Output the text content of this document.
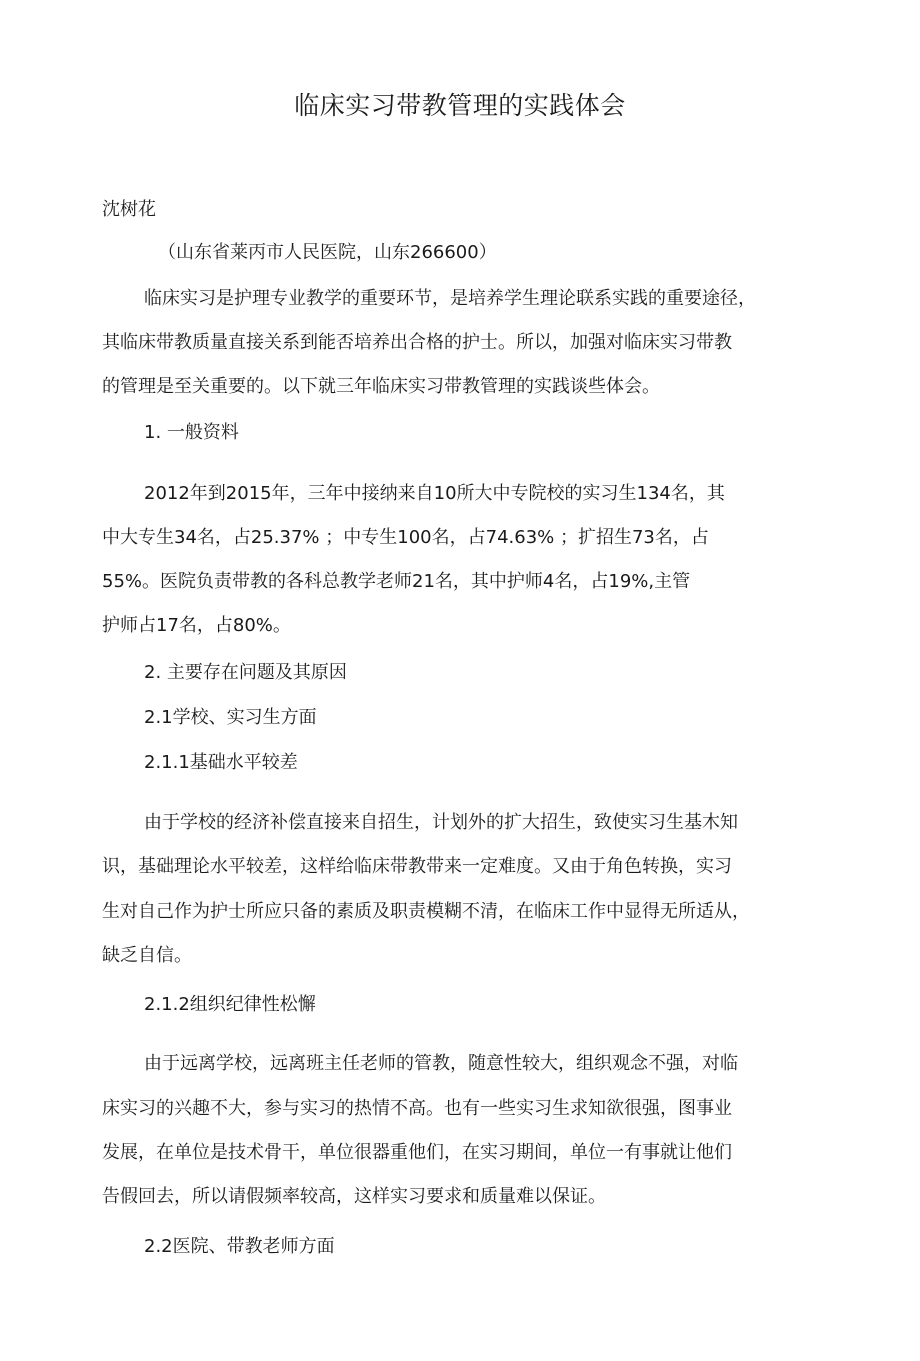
临床实习带教管理的实践体会
沈树花
（山东省莱丙市人民医院，山东266600）
临床实习是护理专业教学的重要环节，是培养学生理论联系实践的重要途径，
其临床带教质量直接关系到能否培养出合格的护士。所以，加强对临床实习带教
的管理是至关重要的。以下就三年临床实习带教管理的实践谈些体会。
1. 一般资料
2012年到2015年，三年中接纳来自10所大中专院校的实习生134名，其
中大专生34名，占25.37% ；中专生100名，占74.63% ；扩招生73名，占
55%。医院负责带教的各科总教学老师21名，其中护师4名，占19%,主管
护师占17名，占80%。
2. 主要存在问题及其原因
2.1学校、实习生方面
2.1.1基础水平较差
由于学校的经济补偿直接来自招生，计划外的扩大招生，致使实习生基木知
识，基础理论水平较差，这样给临床带教带来一定难度。又由于角色转换，实习
生对自己作为护士所应只备的素质及职责模糊不清，在临床工作中显得无所适从，
缺乏自信。
2.1.2组织纪律性松懈
由于远离学校，远离班主任老师的管教，随意性较大，组织观念不强，对临
床实习的兴趣不大，参与实习的热情不高。也有一些实习生求知欲很强，图事业
发展，在单位是技术骨干，单位很器重他们，在实习期间，单位一有事就让他们
告假回去，所以请假频率较高，这样实习要求和质量难以保证。
2.2医院、带教老师方面
